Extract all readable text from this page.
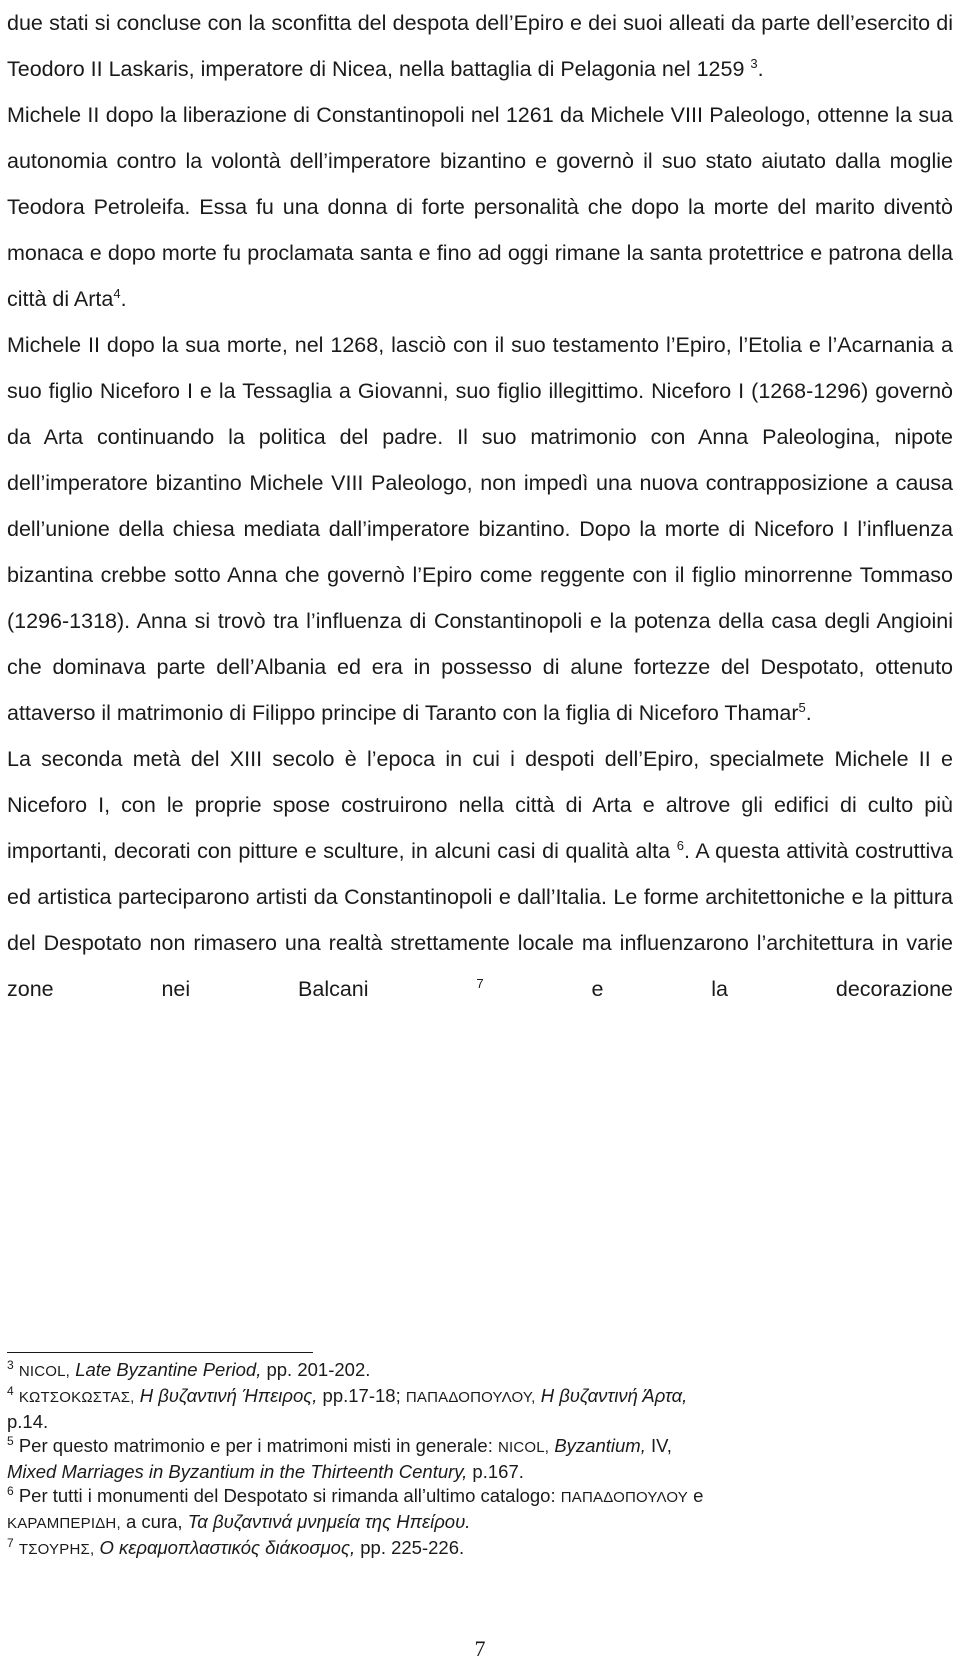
due stati si concluse con la sconfitta del despota dell’Epiro e dei suoi alleati da parte dell’esercito di Teodoro II Laskaris, imperatore di Nicea, nella battaglia di Pelagonia nel 1259 $^3$.

Michele II dopo la liberazione di Constantinopoli nel 1261 da Michele VIII Paleologo, ottenne la sua autonomia contro la volontà dell’imperatore bizantino e governò il suo stato aiutato dalla moglie Teodora Petroleifa. Essa fu una donna di forte personalità che dopo la morte del marito diventò monaca e dopo morte fu proclamata santa e fino ad oggi rimane la santa protettrice e patrona della città di Arta$^4$.

Michele II dopo la sua morte, nel 1268, lasciò con il suo testamento l’Epiro, l’Etolia e l’Acarnania a suo figlio Niceforo I e la Tessaglia a Giovanni, suo figlio illegittimo. Niceforo I (1268-1296) governò da Arta continuando la politica del padre. Il suo matrimonio con Anna Paleologina, nipote dell’imperatore bizantino Michele VIII Paleologo, non impedì una nuova contrapposizione a causa dell’unione della chiesa mediata dall’imperatore bizantino. Dopo la morte di Niceforo I l’influenza bizantina crebbe sotto Anna che governò l’Epiro come reggente con il figlio minorrenne Tommaso (1296-1318). Anna si trovò tra l’influenza di Constantinopoli e la potenza della casa degli Angioini che dominava parte dell’Albania ed era in possesso di alune fortezze del Despotato, ottenuto attaverso il matrimonio di Filippo principe di Taranto con la figlia di Niceforo Thamar$^5$.

La seconda metà del XIII secolo è l’epoca in cui i despoti dell’Epiro, specialmete Michele II e Niceforo I, con le proprie spose costruirono nella città di Arta e altrove gli edifici di culto più importanti, decorati con pitture e sculture, in alcuni casi di qualità alta $^6$. A questa attività costruttiva ed artistica parteciparono artisti da Constantinopoli e dall’Italia. Le forme architettoniche e la pittura del Despotato non rimasero una realtà strettamente locale ma influenzarono l’architettura in varie zone nei Balcani $^7$ e la decorazione

$^3$ NICOL, Late Byzantine Period, pp. 201-202.

$^4$ ΚΩΤΣΟΚΩΣΤΑΣ, Η βυζαντινή Ήπειρος, pp.17-18; ΠΑΠΑΔΟΠΟΥΛΟΥ, Η βυζαντινή Άρτα,
p.14.

$^5$ Per questo matrimonio e per i matrimoni misti in generale: NICOL, Byzantium, IV,
Mixed Marriages in Byzantium in the Thirteenth Century, p.167.

$^6$ Per tutti i monumenti del Despotato si rimanda all’ultimo catalogo: ΠΑΠΑΔΟΠΟΥΛΟΥ e
ΚΑΡΑΜΠΕΡΙΔΗ, a cura, Τα βυζαντινά μνημεία της Ηπείρου.

$^7$ ΤΣΟΥΡΗΣ, Ο κεραμοπλαστικός διάκοσμος, pp. 225-226.

7
